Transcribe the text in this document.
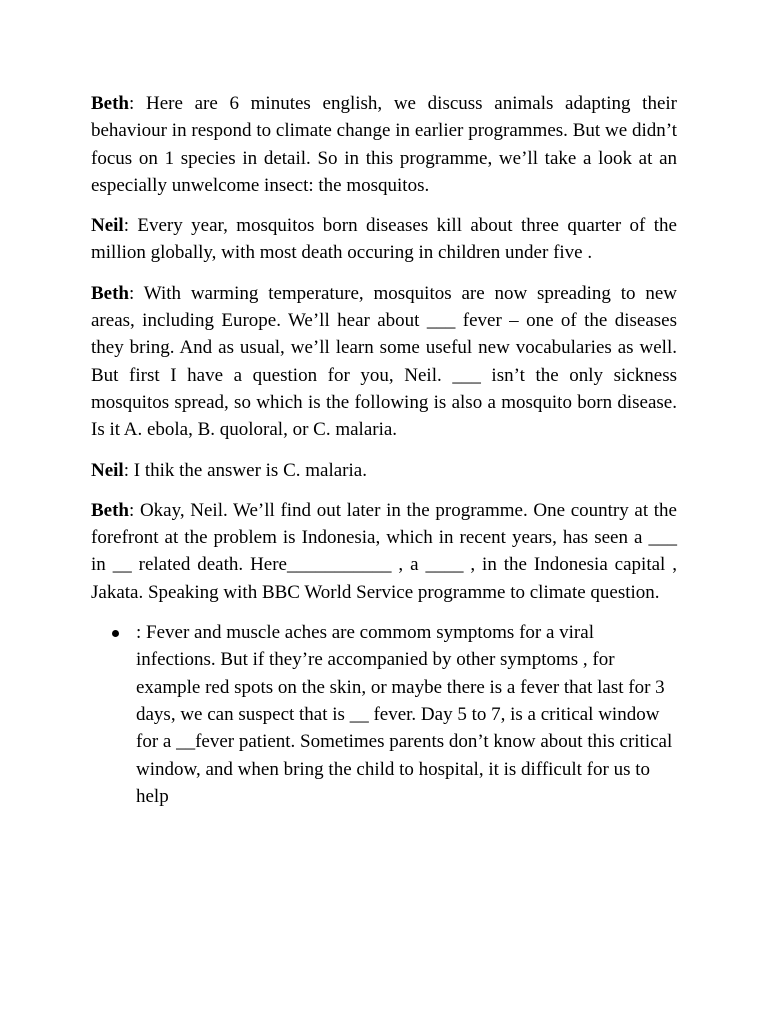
Beth: Here are 6 minutes english, we discuss animals adapting their behaviour in respond to climate change in earlier programmes. But we didn’t focus on 1 species in detail. So in this programme, we’ll take a look at an especially unwelcome insect: the mosquitos.

Neil: Every year, mosquitos born diseases kill about three quarter of the million globally, with most death occuring in children under five .

Beth: With warming temperature, mosquitos are now spreading to new areas, including Europe. We’ll hear about ___ fever – one of the diseases they bring. And as usual, we’ll learn some useful new vocabularies as well. But first I have a question for you, Neil. ___ isn’t the only sickness mosquitos spread, so which is the following is also a mosquito born disease. Is it A. ebola, B. quoloral, or C. malaria.

Neil: I thik the answer is C. malaria.

Beth: Okay, Neil. We’ll find out later in the programme. One country at the forefront at the problem is Indonesia, which in recent years, has seen a ___ in __ related death. Here___________ , a ____ , in the Indonesia capital , Jakata. Speaking with BBC World Service programme to climate question.

: Fever and muscle aches are commom symptoms for a viral infections. But if they’re accompanied by other symptoms , for example red spots on the skin, or maybe there is a fever that last for 3 days, we can suspect that is __ fever. Day 5 to 7, is a critical window for a __fever patient. Sometimes parents don’t know about this critical window, and when bring the child to hospital, it is difficult for us to help
